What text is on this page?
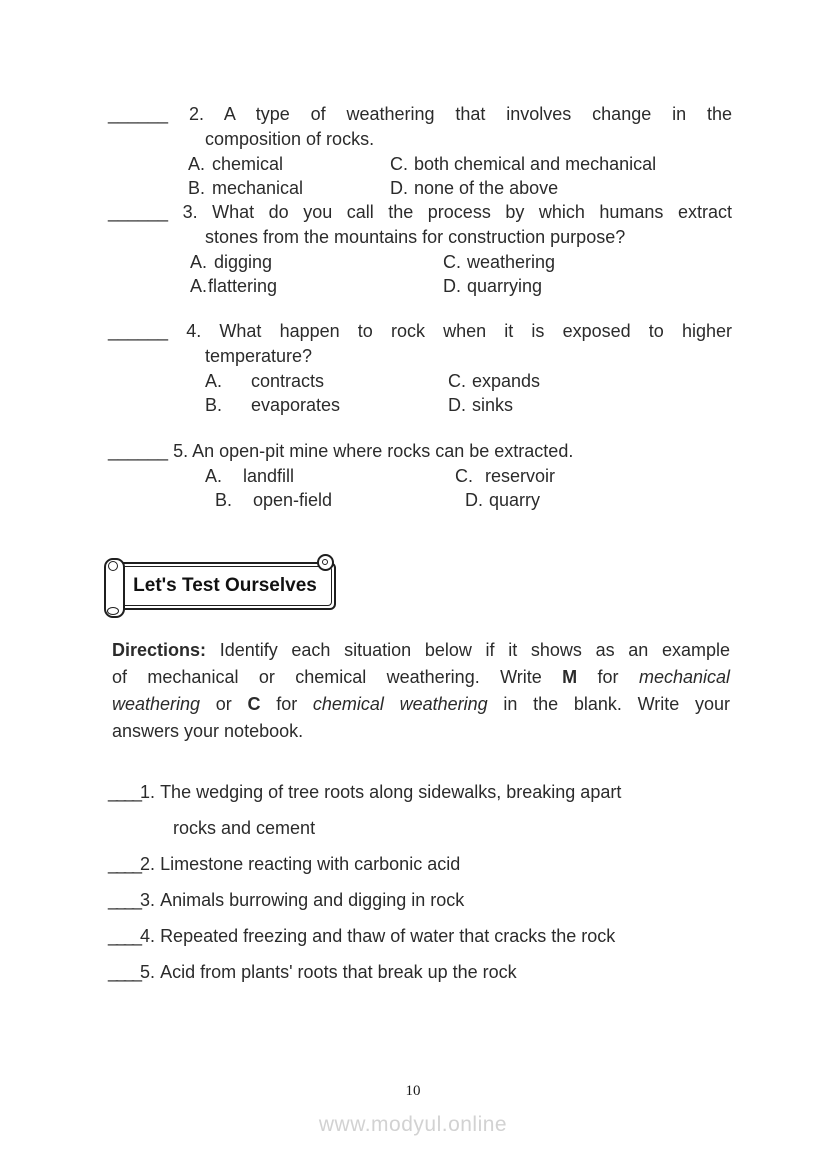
______ 2. A type of weathering that involves change in the
composition of rocks.
A. chemical	C. both chemical and mechanical
B. mechanical	D. none of the above
______ 3. What do you call the process by which humans extract
stones from the mountains for construction purpose?
A. digging	C. weathering
A.flattering	D. quarrying
______ 4. What happen to rock when it is exposed to higher
temperature?
A. contracts	C. expands
B. evaporates	D. sinks
______ 5. An open-pit mine where rocks can be extracted.
A. landfill	C. reservoir
B. open-field	D. quarry
Let's Test Ourselves
Directions: Identify each situation below if it shows as an example
of mechanical or chemical weathering. Write M for mechanical
weathering or C for chemical weathering in the blank. Write your
answers your notebook.
____1. The wedging of tree roots along sidewalks, breaking apart
rocks and cement
____2. Limestone reacting with carbonic acid
____3. Animals burrowing and digging in rock
____4. Repeated freezing and thaw of water that cracks the rock
____5. Acid from plants' roots that break up the rock
10
www.modyul.online
